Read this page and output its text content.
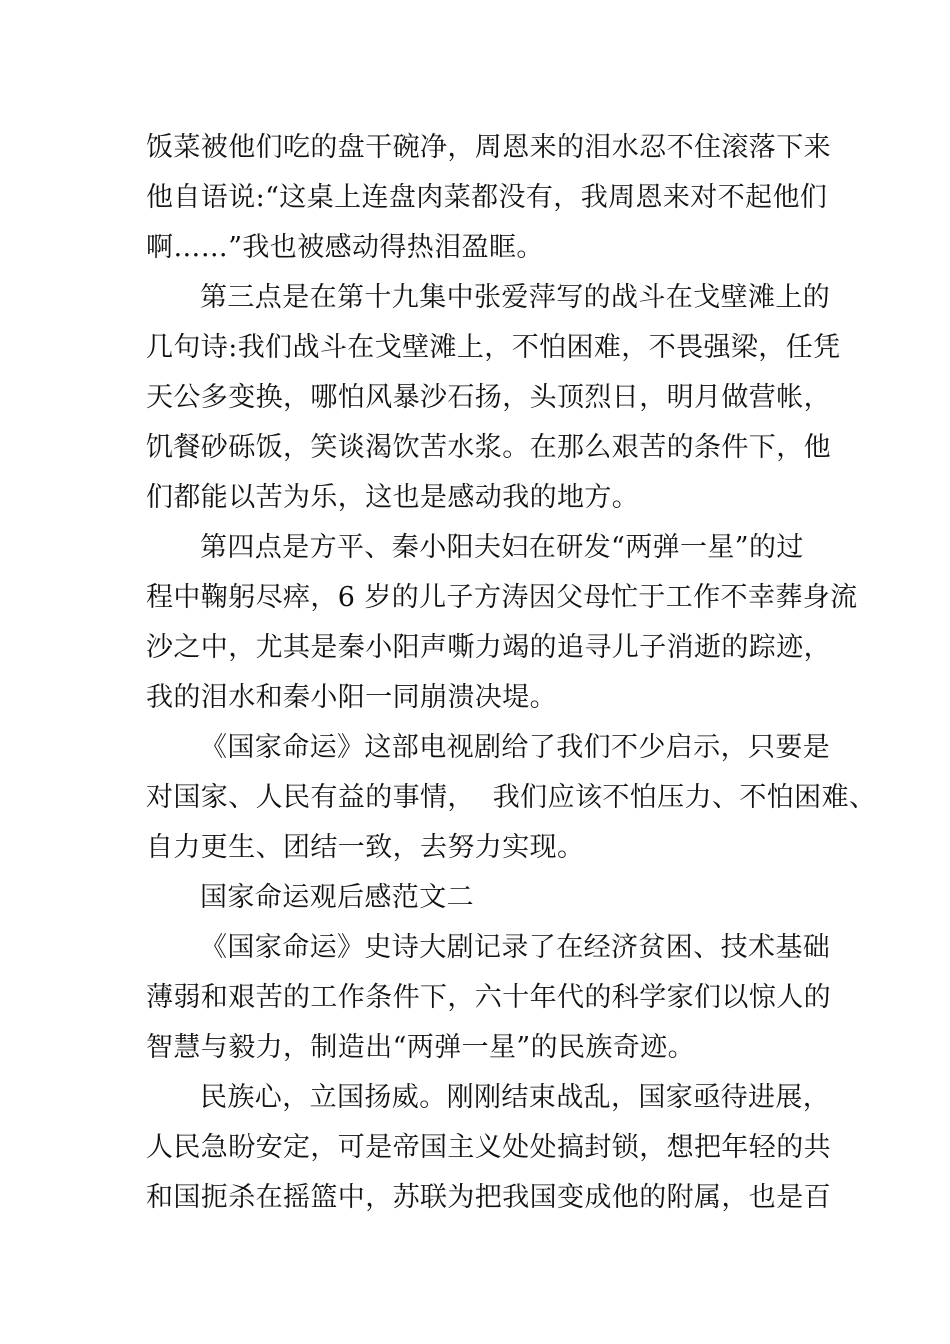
饭菜被他们吃的盘干碗净，周恩来的泪水忍不住滚落下来
他自语说:“这桌上连盘肉菜都没有，我周恩来对不起他们
啊……”我也被感动得热泪盈眶。
第三点是在第十九集中张爱萍写的战斗在戈壁滩上的
几句诗:我们战斗在戈壁滩上，不怕困难，不畏强梁，任凭
天公多变换，哪怕风暴沙石扬，头顶烈日，明月做营帐，
饥餐砂砾饭，笑谈渴饮苦水浆。在那么艰苦的条件下，他
们都能以苦为乐，这也是感动我的地方。
第四点是方平、秦小阳夫妇在研发“两弹一星”的过
程中鞠躬尽瘁，6 岁的儿子方涛因父母忙于工作不幸葬身流
沙之中，尤其是秦小阳声嘶力竭的追寻儿子消逝的踪迹，
我的泪水和秦小阳一同崩溃决堤。
《国家命运》这部电视剧给了我们不少启示，只要是
对国家、人民有益的事情，  我们应该不怕压力、不怕困难、
自力更生、团结一致，去努力实现。
国家命运观后感范文二
《国家命运》史诗大剧记录了在经济贫困、技术基础
薄弱和艰苦的工作条件下，六十年代的科学家们以惊人的
智慧与毅力，制造出“两弹一星”的民族奇迹。
民族心，立国扬威。刚刚结束战乱，国家亟待进展，
人民急盼安定，可是帝国主义处处搞封锁，想把年轻的共
和国扼杀在摇篮中，苏联为把我国变成他的附属，也是百
